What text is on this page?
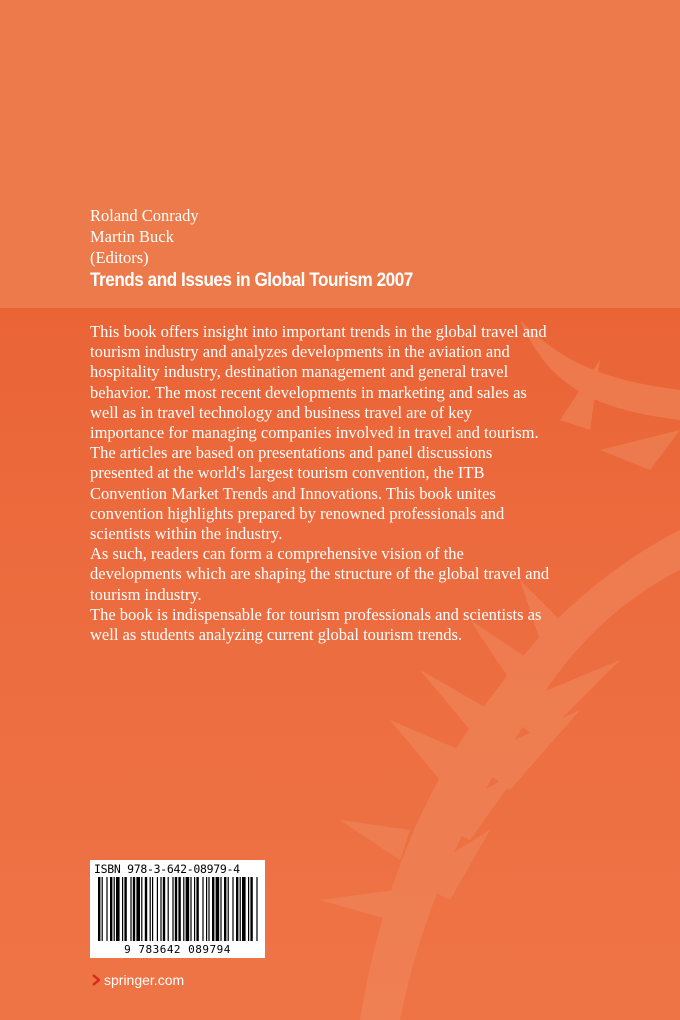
Roland Conrady
Martin Buck
(Editors)
Trends and Issues in Global Tourism 2007

This book offers insight into important trends in the global travel and tourism industry and analyzes developments in the aviation and hospitality industry, destination management and general travel behavior. The most recent developments in marketing and sales as well as in travel technology and business travel are of key importance for managing companies involved in travel and tourism.

The articles are based on presentations and panel discussions presented at the world's largest tourism convention, the ITB Convention Market Trends and Innovations. This book unites convention highlights prepared by renowned professionals and scientists within the industry.

As such, readers can form a comprehensive vision of the developments which are shaping the structure of the global travel and tourism industry.

The book is indispensable for tourism professionals and scientists as well as students analyzing current global tourism trends.

ISBN 978-3-642-08979-4
9 783642 089794
springer.com
